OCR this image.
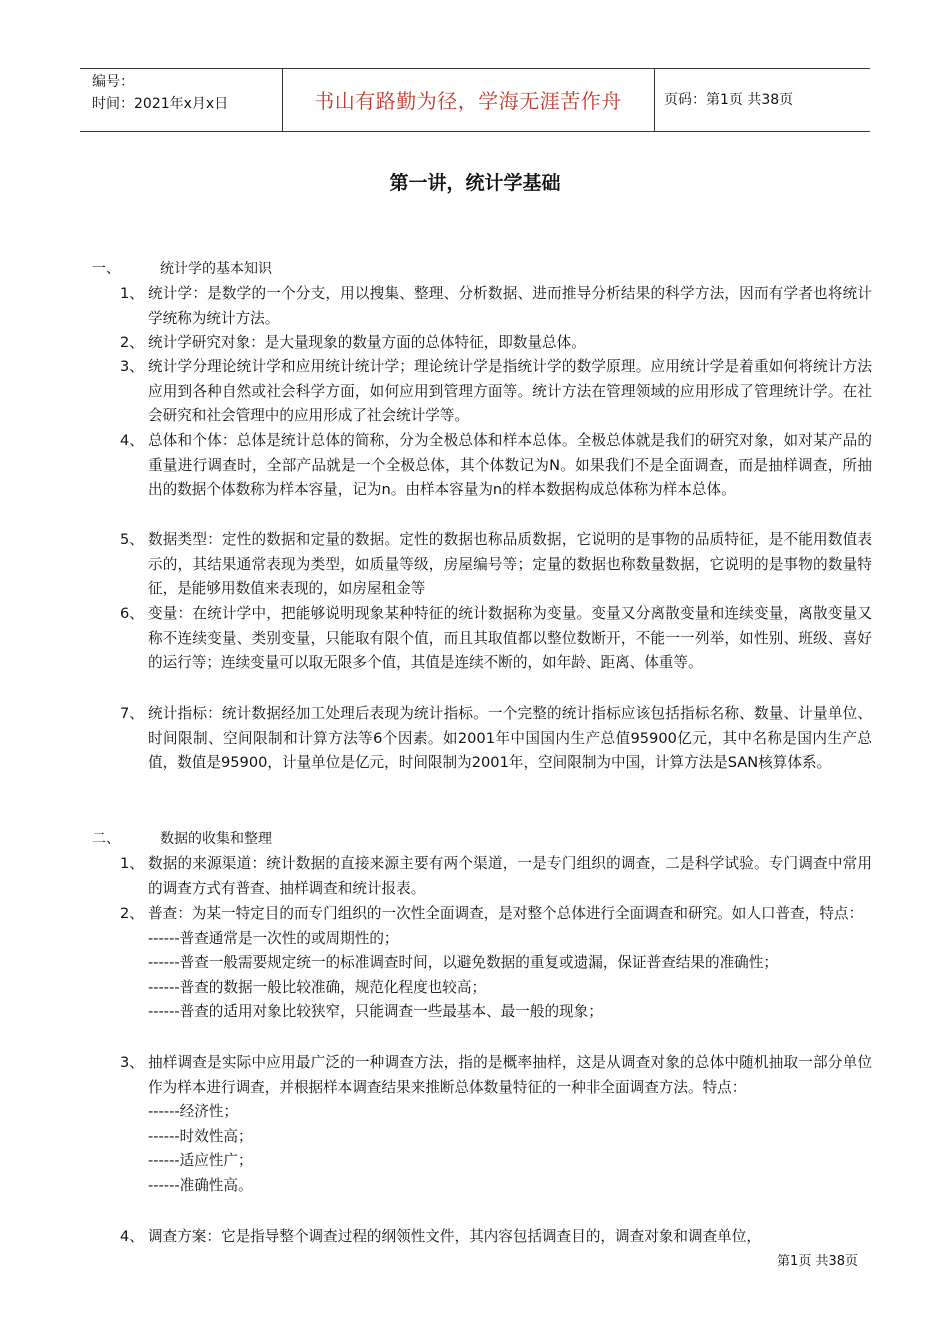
编号：
时间：2021年x月x日	书山有路勤为径，学海无涯苦作舟	页码：第1页 共38页
第一讲，统计学基础
一、	统计学的基本知识
1、 统计学：是数学的一个分支，用以搜集、整理、分析数据、进而推导分析结果的科学方法，因而有学者也将统计学统称为统计方法。
2、 统计学研究对象：是大量现象的数量方面的总体特征，即数量总体。
3、 统计学分理论统计学和应用统计统计学；理论统计学是指统计学的数学原理。应用统计学是着重如何将统计方法应用到各种自然或社会科学方面，如何应用到管理方面等。统计方法在管理领域的应用形成了管理统计学。在社会研究和社会管理中的应用形成了社会统计学等。
4、 总体和个体：总体是统计总体的简称，分为全极总体和样本总体。全极总体就是我们的研究对象，如对某产品的重量进行调查时，全部产品就是一个全极总体，其个体数记为N。如果我们不是全面调查，而是抽样调查，所抽出的数据个体数称为样本容量，记为n。由样本容量为n的样本数据构成总体称为样本总体。
5、 数据类型：定性的数据和定量的数据。定性的数据也称品质数据，它说明的是事物的品质特征，是不能用数值表示的，其结果通常表现为类型，如质量等级，房屋编号等；定量的数据也称数量数据，它说明的是事物的数量特征，是能够用数值来表现的，如房屋租金等
6、 变量：在统计学中，把能够说明现象某种特征的统计数据称为变量。变量又分离散变量和连续变量，离散变量又称不连续变量、类别变量，只能取有限个值，而且其取值都以整位数断开，不能一一列举，如性别、班级、喜好的运行等；连续变量可以取无限多个值，其值是连续不断的，如年龄、距离、体重等。
7、 统计指标：统计数据经加工处理后表现为统计指标。一个完整的统计指标应该包括指标名称、数量、计量单位、时间限制、空间限制和计算方法等6个因素。如2001年中国国内生产总值95900亿元，其中名称是国内生产总值，数值是95900，计量单位是亿元，时间限制为2001年，空间限制为中国，计算方法是SAN核算体系。
二、	数据的收集和整理
1、 数据的来源渠道：统计数据的直接来源主要有两个渠道，一是专门组织的调查，二是科学试验。专门调查中常用的调查方式有普查、抽样调查和统计报表。
2、 普查：为某一特定目的而专门组织的一次性全面调查，是对整个总体进行全面调查和研究。如人口普查，特点：
------普查通常是一次性的或周期性的；
------普查一般需要规定统一的标准调查时间，以避免数据的重复或遗漏，保证普查结果的准确性；
------普查的数据一般比较准确，规范化程度也较高；
------普查的适用对象比较狭窄，只能调查一些最基本、最一般的现象；
3、 抽样调查是实际中应用最广泛的一种调查方法，指的是概率抽样，这是从调查对象的总体中随机抽取一部分单位作为样本进行调查，并根据样本调查结果来推断总体数量特征的一种非全面调查方法。特点：
------经济性；
------时效性高；
------适应性广；
------准确性高。
4、 调查方案：它是指导整个调查过程的纲领性文件，其内容包括调查目的，调查对象和调查单位，
第1页 共38页
